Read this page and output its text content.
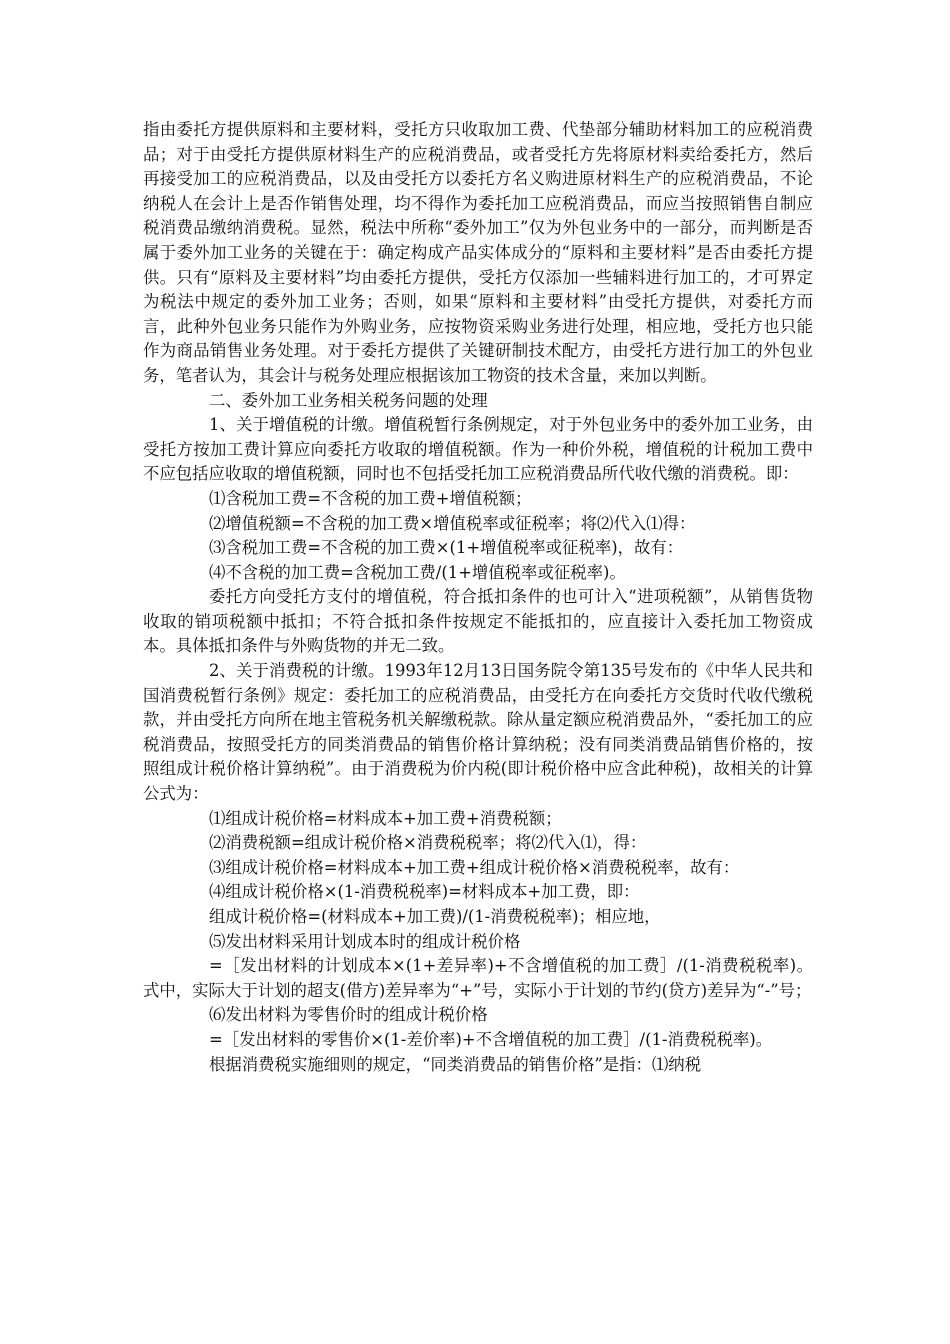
指由委托方提供原料和主要材料，受托方只收取加工费、代垫部分辅助材料加工的应税消费品；对于由受托方提供原材料生产的应税消费品，或者受托方先将原材料卖给委托方，然后再接受加工的应税消费品，以及由受托方以委托方名义购进原材料生产的应税消费品，不论纳税人在会计上是否作销售处理，均不得作为委托加工应税消费品，而应当按照销售自制应税消费品缴纳消费税。显然，税法中所称“委外加工”仅为外包业务中的一部分，而判断是否属于委外加工业务的关键在于：确定构成产品实体成分的“原料和主要材料”是否由委托方提供。只有“原料及主要材料”均由委托方提供，受托方仅添加一些辅料进行加工的，才可界定为税法中规定的委外加工业务；否则，如果“原料和主要材料”由受托方提供，对委托方而言，此种外包业务只能作为外购业务，应按物资采购业务进行处理，相应地，受托方也只能作为商品销售业务处理。对于委托方提供了关键研制技术配方，由受托方进行加工的外包业务，笔者认为，其会计与税务处理应根据该加工物资的技术含量，来加以判断。

二、委外加工业务相关税务问题的处理

1、关于增值税的计缴。增值税暂行条例规定，对于外包业务中的委外加工业务，由受托方按加工费计算应向委托方收取的增值税额。作为一种价外税，增值税的计税加工费中不应包括应收取的增值税额，同时也不包括受托加工应税消费品所代收代缴的消费税。即：

⑴含税加工费=不含税的加工费+增值税额；

⑵增值税额=不含税的加工费×增值税率或征税率；将⑵代入⑴得：

⑶含税加工费=不含税的加工费×(1+增值税率或征税率)，故有：

⑷不含税的加工费=含税加工费/(1+增值税率或征税率)。

委托方向受托方支付的增值税，符合抵扣条件的也可计入“进项税额”，从销售货物收取的销项税额中抵扣；不符合抵扣条件按规定不能抵扣的，应直接计入委托加工物资成本。具体抵扣条件与外购货物的并无二致。

2、关于消费税的计缴。1993年12月13日国务院令第135号发布的《中华人民共和国消费税暂行条例》规定：委托加工的应税消费品，由受托方在向委托方交货时代收代缴税款，并由受托方向所在地主管税务机关解缴税款。除从量定额应税消费品外，“委托加工的应税消费品，按照受托方的同类消费品的销售价格计算纳税；没有同类消费品销售价格的，按照组成计税价格计算纳税”。由于消费税为价内税(即计税价格中应含此种税)，故相关的计算公式为：

⑴组成计税价格=材料成本+加工费+消费税额；

⑵消费税额=组成计税价格×消费税税率；将⑵代入⑴，得：

⑶组成计税价格=材料成本+加工费+组成计税价格×消费税税率，故有：

⑷组成计税价格×(1-消费税税率)=材料成本+加工费，即：

组成计税价格=(材料成本+加工费)/(1-消费税税率)；相应地，

⑸发出材料采用计划成本时的组成计税价格

=［发出材料的计划成本×(1+差异率)+不含增值税的加工费］/(1-消费税税率)。式中，实际大于计划的超支(借方)差异率为“+”号，实际小于计划的节约(贷方)差异为“-”号；

⑹发出材料为零售价时的组成计税价格

=［发出材料的零售价×(1-差价率)+不含增值税的加工费］/(1-消费税税率)。

根据消费税实施细则的规定，“同类消费品的销售价格”是指：⑴纳税
